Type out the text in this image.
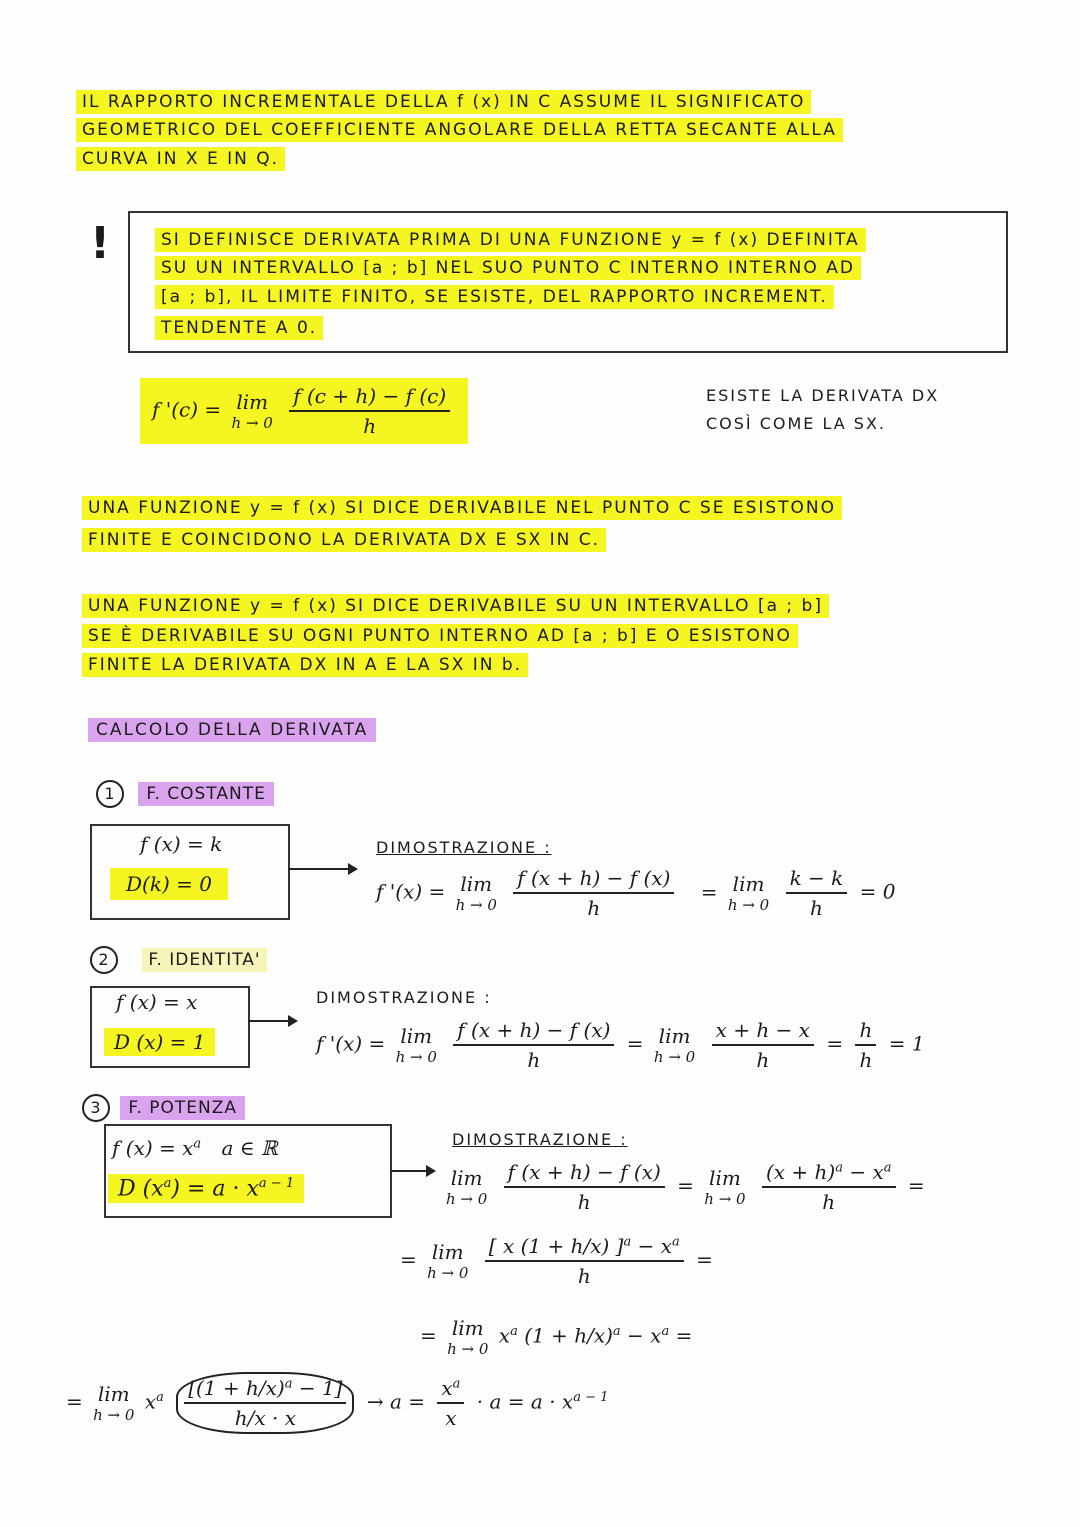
IL RAPPORTO INCREMENTALE DELLA f (x) IN C ASSUME IL SIGNIFICATO
GEOMETRICO DEL COEFFICIENTE ANGOLARE DELLA RETTA SECANTE ALLA
CURVA IN X E IN Q.
!	SI DEFINISCE DERIVATA PRIMA DI UNA FUNZIONE y = f (x) DEFINITA
SU UN INTERVALLO [a ; b] NEL SUO PUNTO C INTERNO INTERNO AD
[a ; b], IL LIMITE FINITO, SE ESISTE, DEL RAPPORTO INCREMENT.
TENDENTE A 0.
f '(c) = lim
h → 0
$\frac{f (c + h) - f (c)}{h}$	ESISTE LA DERIVATA DX
COSÌ COME LA SX.
UNA FUNZIONE y = f (x) SI DICE DERIVABILE NEL PUNTO C SE ESISTONO
FINITE E COINCIDONO LA DERIVATA DX E SX IN C.
UNA FUNZIONE y = f (x) SI DICE DERIVABILE SU UN INTERVALLO [a ; b]
SE È DERIVABILE SU OGNI PUNTO INTERNO AD [a ; b] E O ESISTONO
FINITE LA DERIVATA DX IN A E LA SX IN b.
CALCOLO DELLA DERIVATA
1 F. COSTANTE
f (x) = k
D(k) = 0
DIMOSTRAZIONE :
f '(x) = lim
h → 0
$\frac{f (x + h) - f (x)}{h} = \lim$
h → 0
$\frac{k - k}{h} = 0$
2 F. IDENTITA'
f (x) = x
D (x) = 1
DIMOSTRAZIONE :
f '(x) = lim
h → 0
$\frac{f (x + h) - f (x)}{h} = \lim$
h → 0
$\frac{x + h - x}{h} = \frac{h}{h} = 1$
3 F. POTENZA
f $(x) = x^a$ a ∈ ℝ
D $(x^a) = a \cdot x^{a - 1}$
DIMOSTRAZIONE :
lim
h → 0
$\frac{f (x + h) - f (x)}{h} = \lim$
h → 0
$\frac{(x + h)^a - x^a}{h}$ =
= lim
h → 0
$\frac{[ x (1 + h/x) ]^a - x^a}{h}$ =
= lim
h → 0
$x^a$ $(1 + h/x)^a - x^a$ =
= lim
h → 0
$x^a \frac{[(1 + h/x)^a - 1]}{h/x \cdot x} \to a = \frac{x^a}{x} \cdot a = a \cdot x^{a - 1}$
